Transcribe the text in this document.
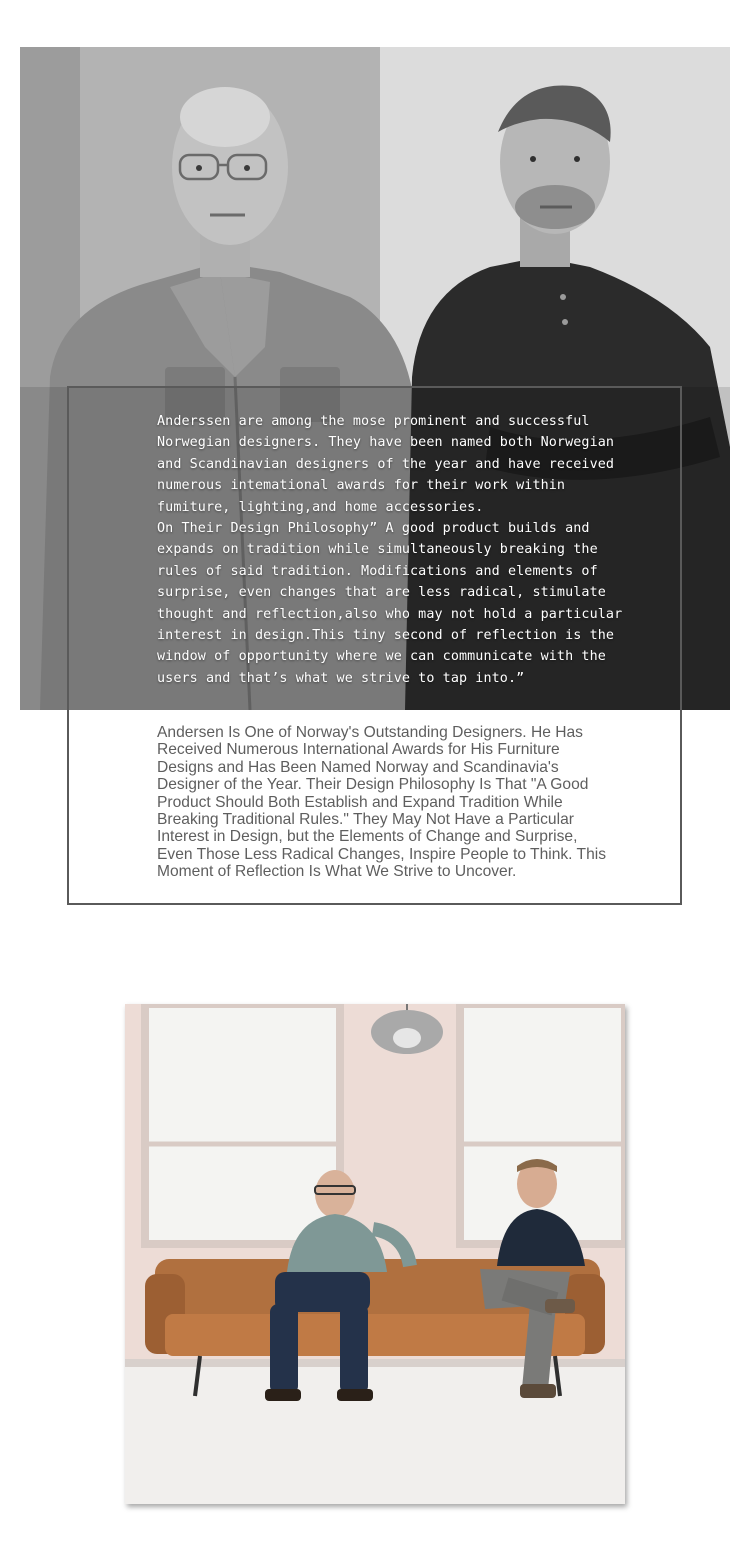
Anderssen are among the mose prominent and successful Norwegian designers. They have been named both Norwegian and Scandinavian designers of the year and have received numerous intemational awards for their work within fumiture, lighting,and home accessories.

On Their Design Philosophy” A good product builds and expands on tradition while simultaneously breaking the rules of said tradition. Modifications and elements of surprise, even changes that are less radical, stimulate thought and reflection,also who may not hold a particular interest in design.This tiny second of reflection is the window of opportunity where we can communicate with the users and that’s what we strive to tap into.”

Andersen Is One of Norway's Outstanding Designers. He Has Received Numerous International Awards for His Furniture Designs and Has Been Named Norway and Scandinavia's Designer of the Year. Their Design Philosophy Is That "A Good Product Should Both Establish and Expand Tradition While Breaking Traditional Rules." They May Not Have a Particular Interest in Design, but the Elements of Change and Surprise, Even Those Less Radical Changes, Inspire People to Think. This Moment of Reflection Is What We Strive to Uncover.
